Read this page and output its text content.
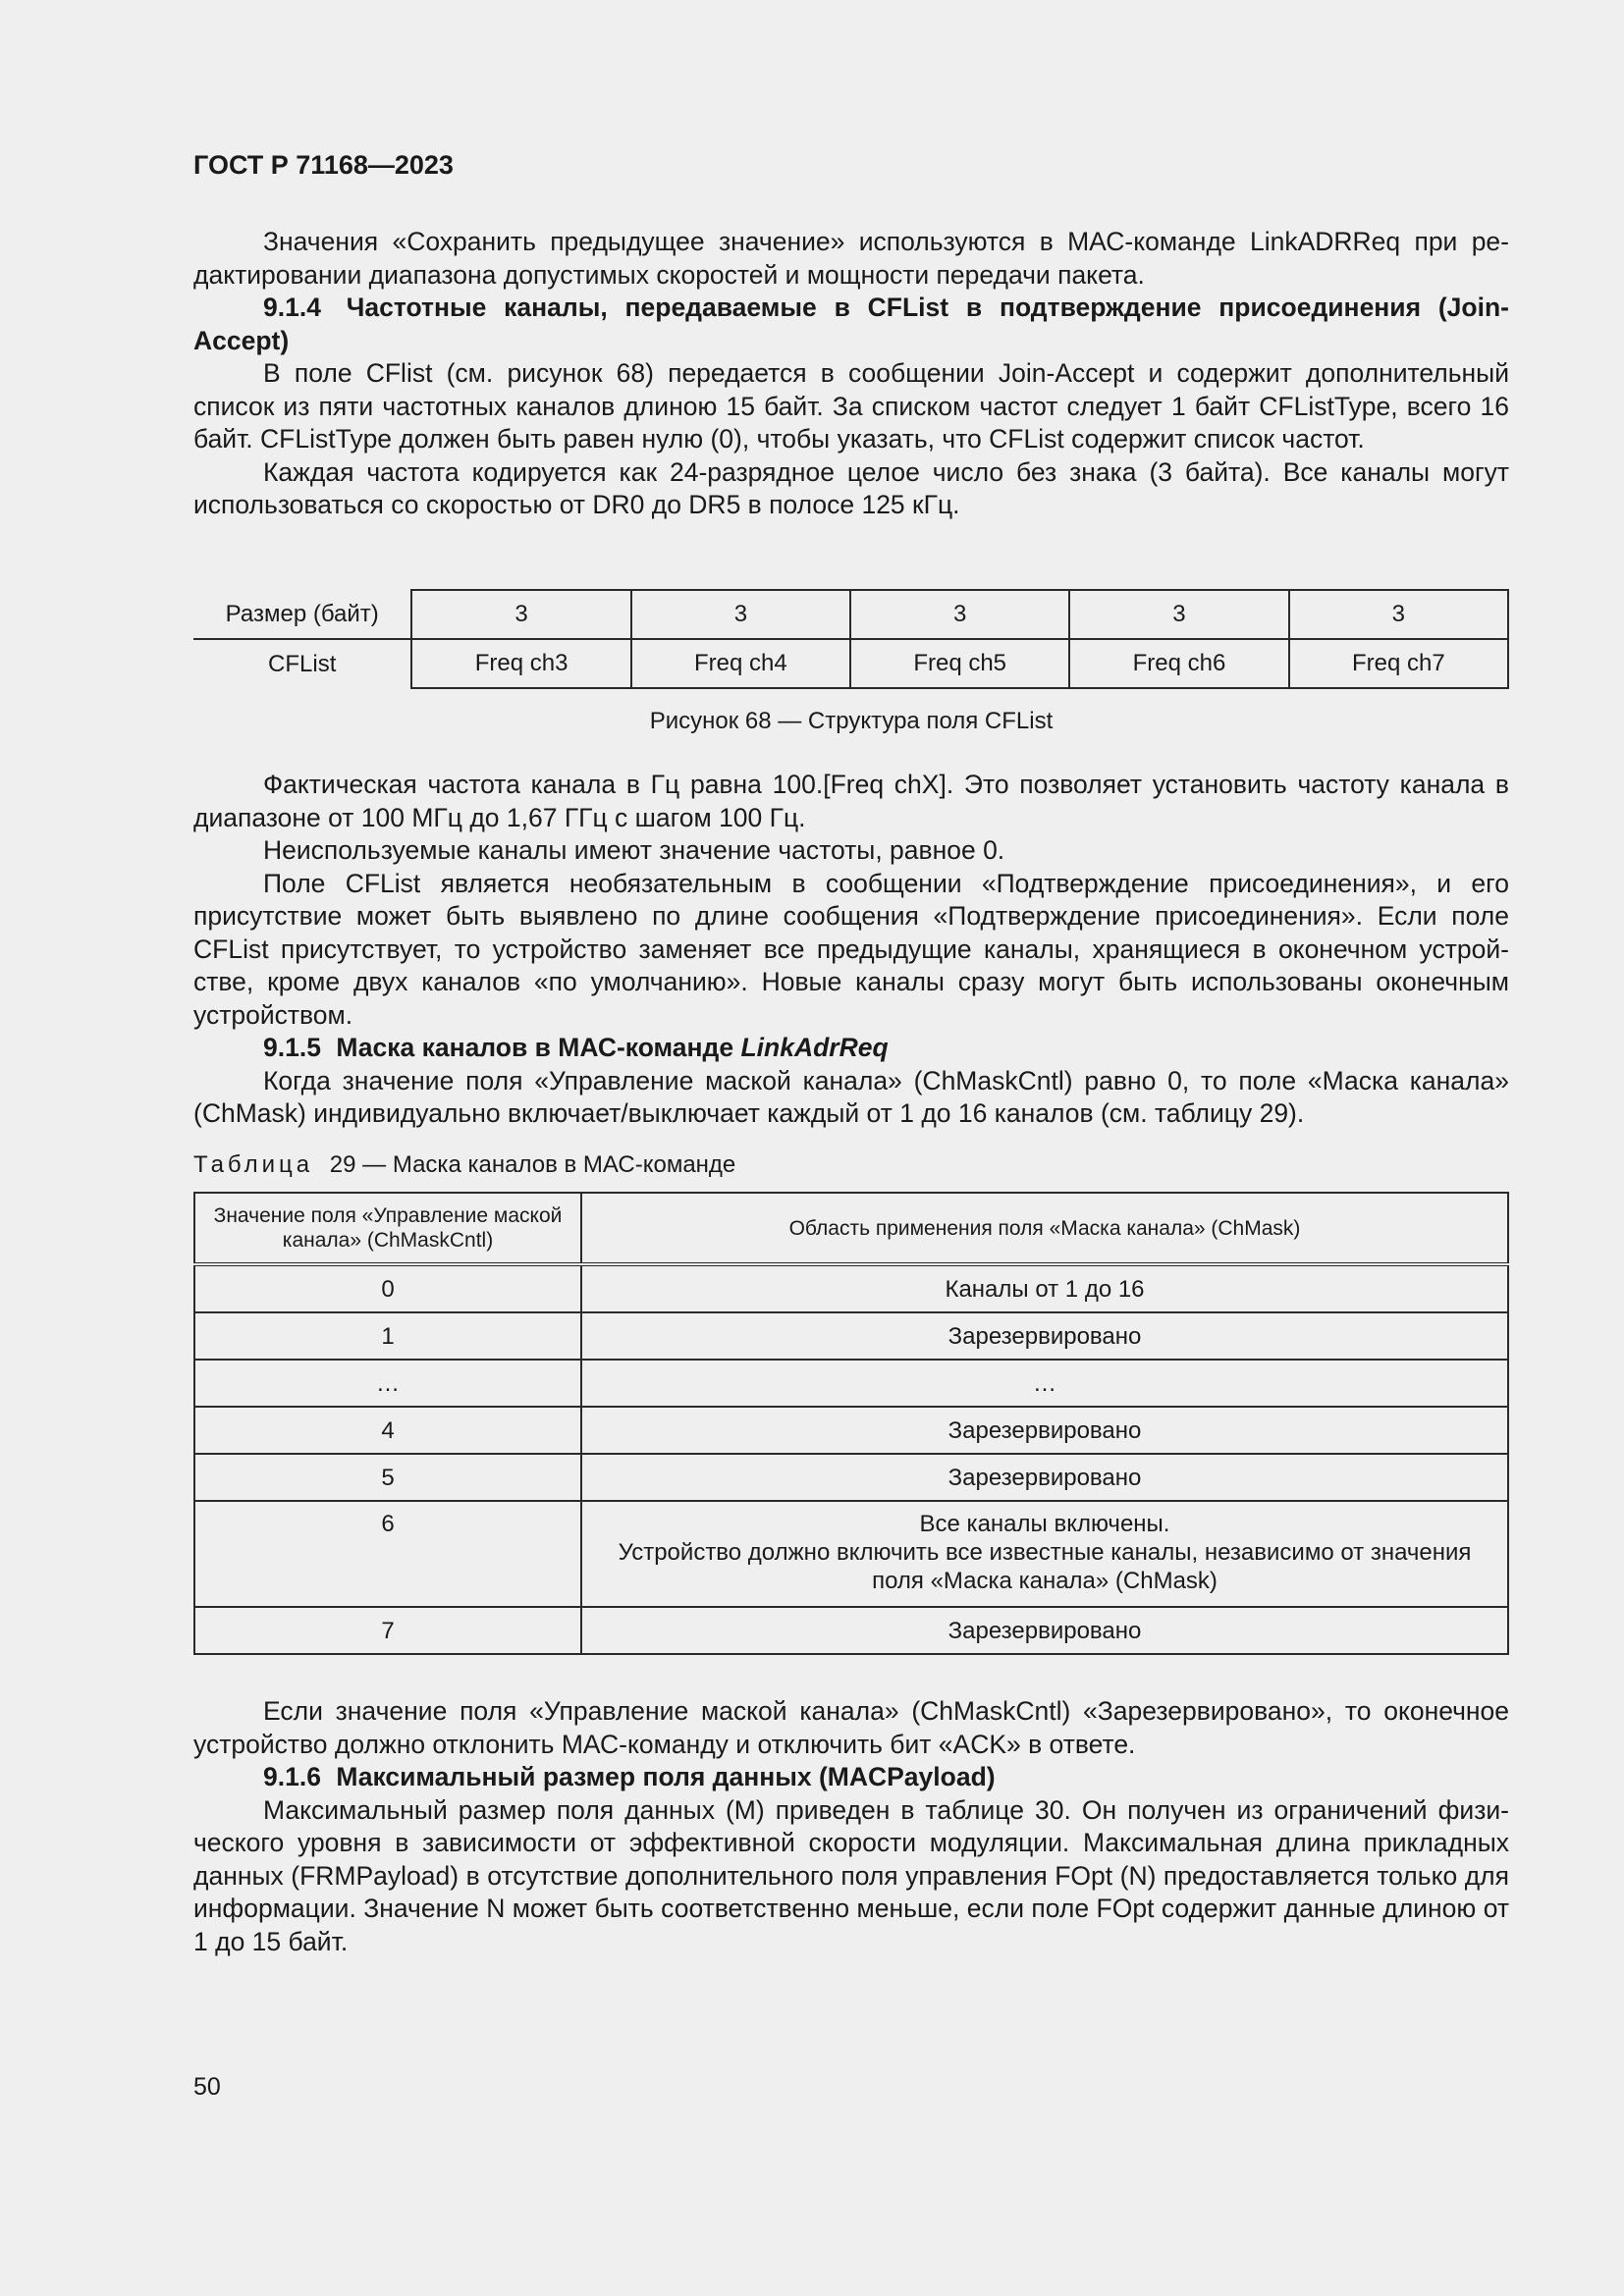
ГОСТ Р 71168—2023

Значения «Сохранить предыдущее значение» используются в МАС-команде LinkADRReq при ре-дактировании диапазона допустимых скоростей и мощности передачи пакета.

9.1.4 Частотные каналы, передаваемые в CFList в подтверждение присоединения (Join-Accept)

В поле CFlist (см. рисунок 68) передается в сообщении Join-Accept и содержит дополнительный список из пяти частотных каналов длиною 15 байт. За списком частот следует 1 байт CFListType, всего 16 байт. CFListType должен быть равен нулю (0), чтобы указать, что CFList содержит список частот.

Каждая частота кодируется как 24-разрядное целое число без знака (3 байта). Все каналы могут использоваться со скоростью от DR0 до DR5 в полосе 125 кГц.

Размер (байт)	3	3	3	3	3
CFList	Freq ch3	Freq ch4	Freq ch5	Freq ch6	Freq ch7
Рисунок 68 — Структура поля CFList

Фактическая частота канала в Гц равна 100.[Freq chX]. Это позволяет установить частоту канала в диапазоне от 100 МГц до 1,67 ГГц с шагом 100 Гц.

Неиспользуемые каналы имеют значение частоты, равное 0.

Поле CFList является необязательным в сообщении «Подтверждение присоединения», и его присутствие может быть выявлено по длине сообщения «Подтверждение присоединения». Если поле CFList присутствует, то устройство заменяет все предыдущие каналы, хранящиеся в оконечном устрой-стве, кроме двух каналов «по умолчанию». Новые каналы сразу могут быть использованы оконечным устройством.

9.1.5 Маска каналов в МАС-команде LinkAdrReq

Когда значение поля «Управление маской канала» (ChMaskCntl) равно 0, то поле «Маска канала» (ChMask) индивидуально включает/выключает каждый от 1 до 16 каналов (см. таблицу 29).

Таблица 29 — Маска каналов в МАС-команде
Значение поля «Управление маской канала» (ChMaskCntl)	Область применения поля «Маска канала» (ChMask)
0	Каналы от 1 до 16
1	Зарезервировано
…	…
4	Зарезервировано
5	Зарезервировано
6	Все каналы включены.
Устройство должно включить все известные каналы, независимо от значения поля «Маска канала» (ChMask)

7	Зарезервировано

Если значение поля «Управление маской канала» (ChMaskCntl) «Зарезервировано», то оконечное устройство должно отклонить МАС-команду и отключить бит «ACK» в ответе.

9.1.6 Максимальный размер поля данных (MACPayload)

Максимальный размер поля данных (M) приведен в таблице 30. Он получен из ограничений физи-ческого уровня в зависимости от эффективной скорости модуляции. Максимальная длина прикладных данных (FRMPayload) в отсутствие дополнительного поля управления FOpt (N) предоставляется только для информации. Значение N может быть соответственно меньше, если поле FOpt содержит данные длиною от 1 до 15 байт.

50
